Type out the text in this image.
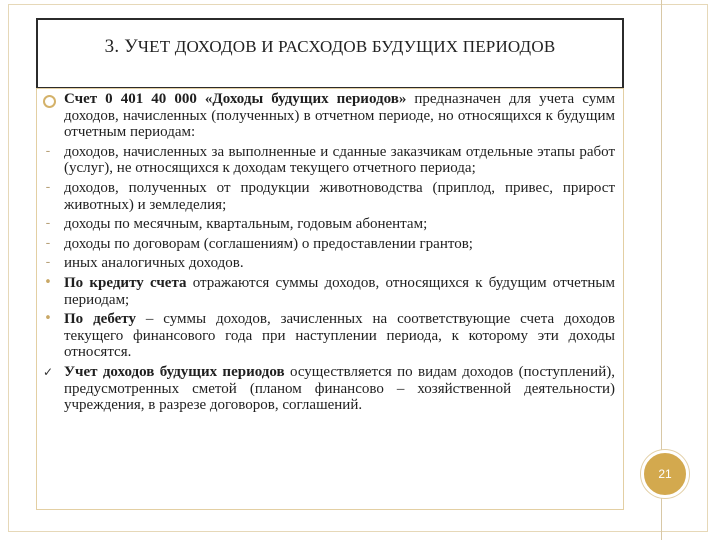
3. УЧЕТ ДОХОДОВ И РАСХОДОВ БУДУЩИХ ПЕРИОДОВ
Счет 0 401 40 000 «Доходы будущих периодов» предназначен для учета сумм доходов, начисленных (полученных) в отчетном периоде, но относящихся к будущим отчетным периодам:
- доходов, начисленных за выполненные и сданные заказчикам отдельные этапы работ (услуг), не относящихся к доходам текущего отчетного периода;
- доходов, полученных от продукции животноводства (приплод, привес, прирост животных) и земледелия;
- доходы по месячным, квартальным, годовым абонентам;
- доходы по договорам (соглашениям) о предоставлении грантов;
- иных аналогичных доходов.
• По кредиту счета отражаются суммы доходов, относящихся к будущим отчетным периодам;
• По дебету – суммы доходов, зачисленных на соответствующие счета доходов текущего финансового года при наступлении периода, к которому эти доходы относятся.
✓ Учет доходов будущих периодов осуществляется по видам доходов (поступлений), предусмотренных сметой (планом финансово – хозяйственной деятельности) учреждения, в разрезе договоров, соглашений.
21
